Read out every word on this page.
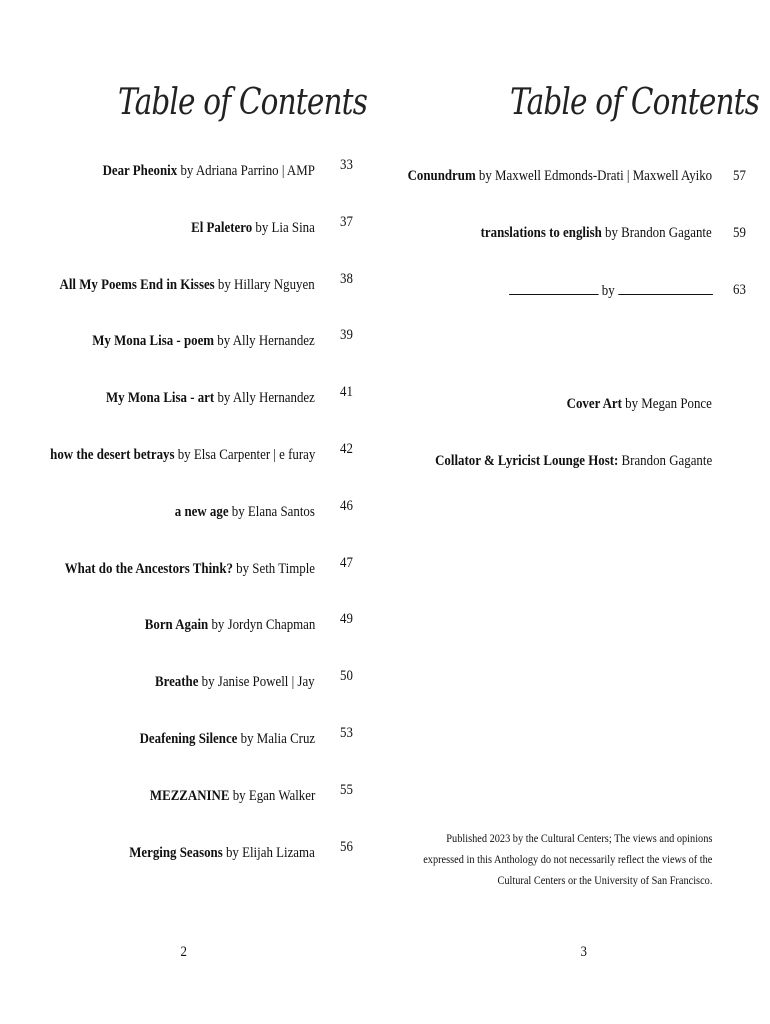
Table of Contents
Dear Pheonix by Adriana Parrino | AMP 33
El Paletero by Lia Sina 37
All My Poems End in Kisses by Hillary Nguyen 38
My Mona Lisa - poem by Ally Hernandez 39
My Mona Lisa - art by Ally Hernandez 41
how the desert betrays by Elsa Carpenter | e furay 42
a new age by Elana Santos 46
What do the Ancestors Think? by Seth Timple 47
Born Again by Jordyn Chapman 49
Breathe by Janise Powell | Jay 50
Deafening Silence by Malia Cruz 53
MEZZANINE by Egan Walker 55
Merging Seasons by Elijah Lizama 56
2
Table of Contents
Conundrum by Maxwell Edmonds-Drati | Maxwell Ayiko 57
translations to english by Brandon Gagante 59
by	63
Cover Art by Megan Ponce
Collator & Lyricist Lounge Host: Brandon Gagante
Published 2023 by the Cultural Centers; The views and opinions expressed in this Anthology do not necessarily reflect the views of the Cultural Centers or the University of San Francisco.
3
